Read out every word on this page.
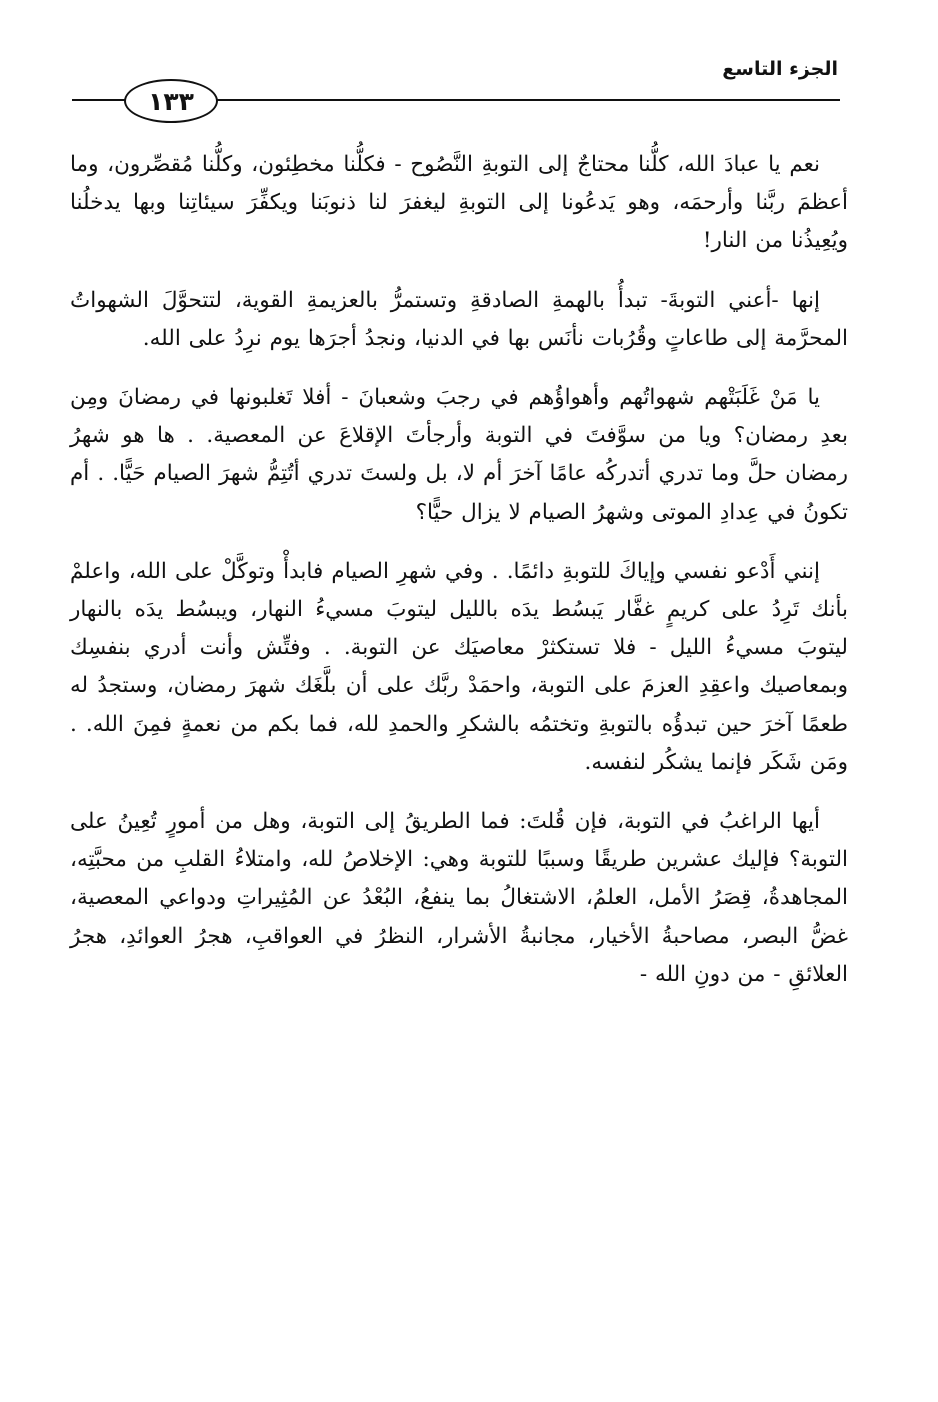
الجزء التاسع
١٣٣

نعم يا عبادَ الله، كلُّنا محتاجٌ إلى التوبةِ النَّصُوح - فكلُّنا مخطِئون، وكلُّنا مُقصِّرون، وما أعظمَ ربَّنا وأرحمَه، وهو يَدعُونا إلى التوبةِ ليغفرَ لنا ذنوبَنا ويكفِّرَ سيئاتِنا وبها يدخلُنا ويُعِيذُنا من النار!

إنها -أعني التوبةَ- تبدأُ بالهمةِ الصادقةِ وتستمرُّ بالعزيمةِ القوية، لتتحوَّلَ الشهواتُ المحرَّمة إلى طاعاتٍ وقُرُبات نأنَس بها في الدنيا، ونجدُ أجرَها يوم نرِدُ على الله.

يا مَنْ غَلَبَتْهم شهواتُهم وأهواؤُهم في رجبَ وشعبانَ - أفلا تَغلبونها في رمضانَ ومِن بعدِ رمضان؟ ويا من سوَّفتَ في التوبة وأرجأتَ الإقلاعَ عن المعصية. . ها هو شهرُ رمضان حلَّ وما تدري أتدركُه عامًا آخرَ أم لا، بل ولستَ تدري أتُتِمُّ شهرَ الصيام حَيًّا. . أم تكونُ في عِدادِ الموتى وشهرُ الصيام لا يزال حيًّا؟

إنني أَدْعو نفسي وإياكَ للتوبةِ دائمًا. . وفي شهرِ الصيام فابدأْ وتوكَّلْ على الله، واعلمْ بأنك تَرِدُ على كريمٍ غفَّار يَبسُط يدَه بالليل ليتوبَ مسيءُ النهار، ويبسُط يدَه بالنهار ليتوبَ مسيءُ الليل - فلا تستكثرْ معاصيَك عن التوبة. . وفتِّش وأنت أدري بنفسِك وبمعاصيك واعقِدِ العزمَ على التوبة، واحمَدْ ربَّك على أن بلَّغَك شهرَ رمضان، وستجدُ له طعمًا آخرَ حين تبدؤُه بالتوبةِ وتختمُه بالشكرِ والحمدِ لله، فما بكم من نعمةٍ فمِنَ الله. . ومَن شَكَر فإنما يشكُر لنفسه.

أيها الراغبُ في التوبة، فإن قُلتَ: فما الطريقُ إلى التوبة، وهل من أمورٍ تُعِينُ على التوبة؟ فإليك عشرين طريقًا وسببًا للتوبة وهي: الإخلاصُ لله، وامتلاءُ القلبِ من محبَّتِه، المجاهدةُ، قِصَرُ الأمل، العلمُ، الاشتغالُ بما ينفعُ، البُعْدُ عن المُثِيراتِ ودواعي المعصية، غضُّ البصر، مصاحبةُ الأخيار، مجانبةُ الأشرار، النظرُ في العواقبِ، هجرُ العوائدِ، هجرُ العلائقِ - من دونِ الله -
